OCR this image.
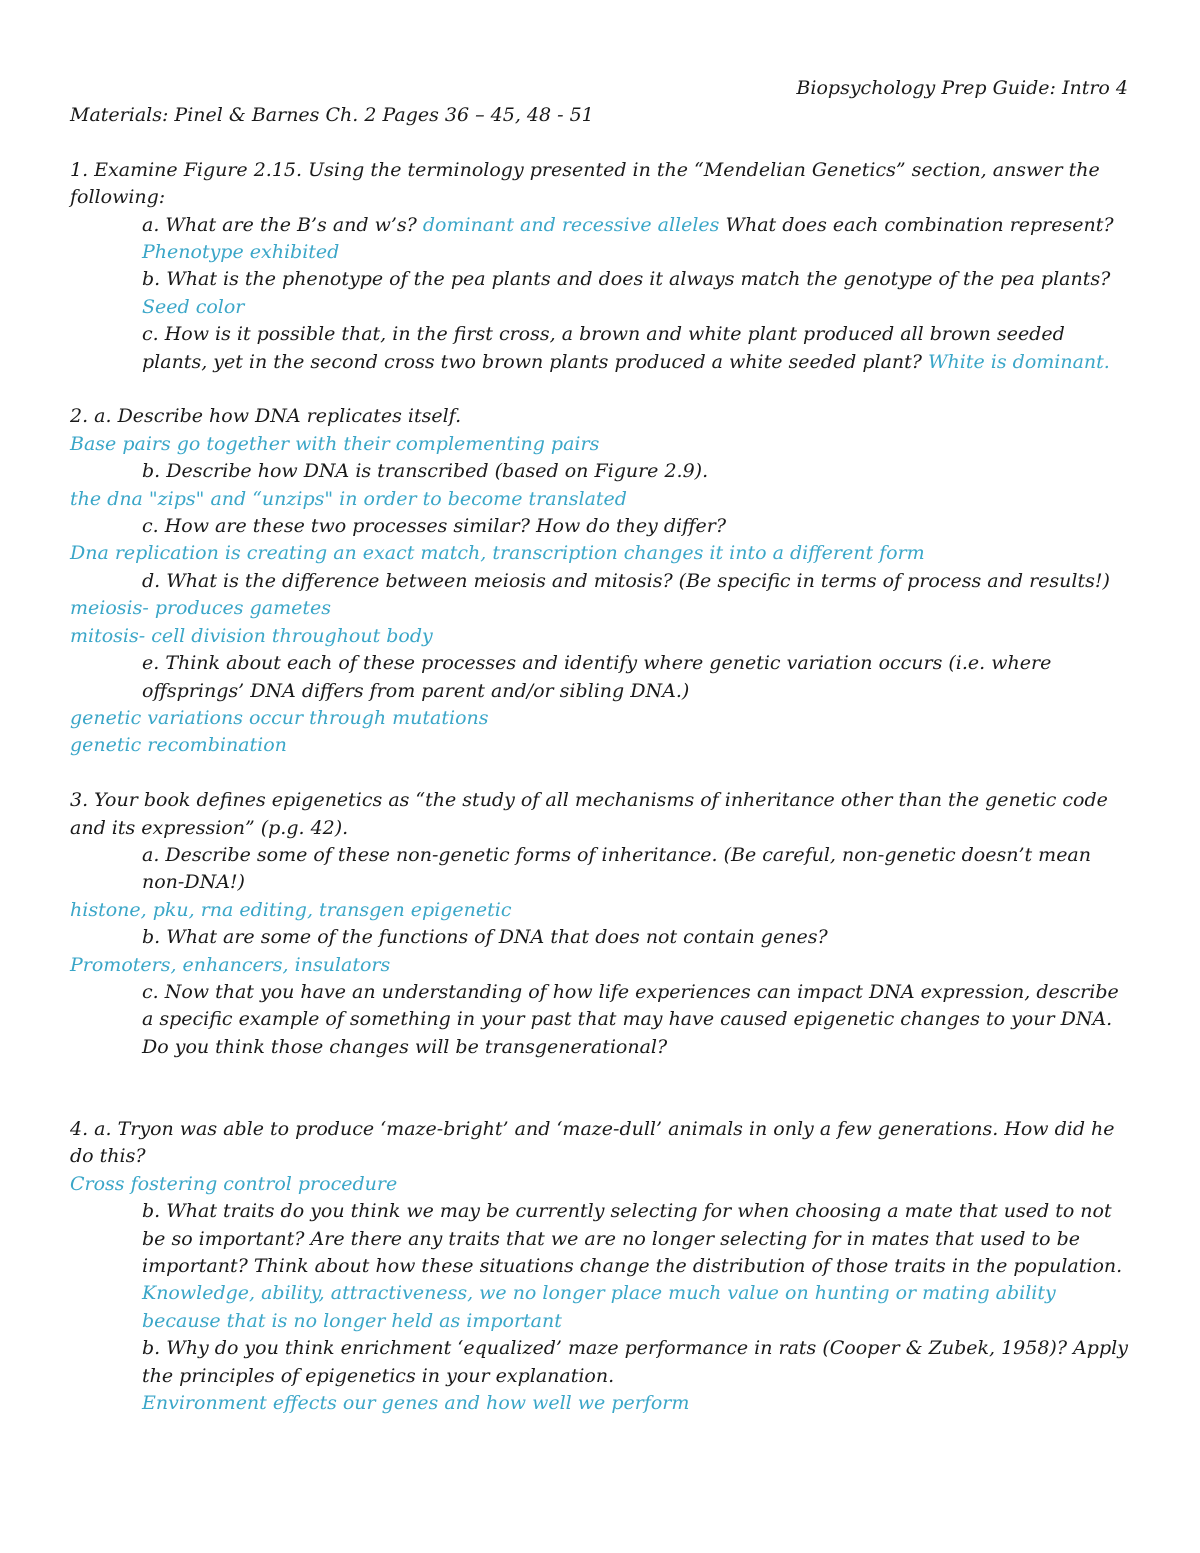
Biopsychology Prep Guide: Intro 4
Materials: Pinel & Barnes Ch. 2 Pages 36 – 45, 48 - 51
1. Examine Figure 2.15. Using the terminology presented in the “Mendelian Genetics” section, answer the following:
a. What are the B’s and w’s? dominant and recessive alleles What does each combination represent? Phenotype exhibited
b. What is the phenotype of the pea plants and does it always match the genotype of the pea plants?
Seed color
c. How is it possible that, in the first cross, a brown and white plant produced all brown seeded plants, yet in the second cross two brown plants produced a white seeded plant? White is dominant.
2. a. Describe how DNA replicates itself.
Base pairs go together with their complementing pairs
b. Describe how DNA is transcribed (based on Figure 2.9).
the dna "zips" and “unzips" in order to become translated
c. How are these two processes similar? How do they differ?
Dna replication is creating an exact match, transcription changes it into a different form
d. What is the difference between meiosis and mitosis? (Be specific in terms of process and results!)
meiosis- produces gametes
mitosis- cell division throughout body
e. Think about each of these processes and identify where genetic variation occurs (i.e. where offsprings’ DNA differs from parent and/or sibling DNA.)
genetic variations occur through mutations
genetic recombination
3. Your book defines epigenetics as “the study of all mechanisms of inheritance other than the genetic code and its expression” (p.g. 42).
a. Describe some of these non-genetic forms of inheritance. (Be careful, non-genetic doesn’t mean non-DNA!)
histone, pku, rna editing, transgen epigenetic
b. What are some of the functions of DNA that does not contain genes?
Promoters, enhancers, insulators
c. Now that you have an understanding of how life experiences can impact DNA expression, describe a specific example of something in your past that may have caused epigenetic changes to your DNA. Do you think those changes will be transgenerational?
4. a. Tryon was able to produce ‘maze-bright’ and ‘maze-dull’ animals in only a few generations. How did he do this?
Cross fostering control procedure
b. What traits do you think we may be currently selecting for when choosing a mate that used to not be so important? Are there any traits that we are no longer selecting for in mates that used to be important? Think about how these situations change the distribution of those traits in the population.
Knowledge, ability, attractiveness, we no longer place much value on hunting or mating ability because that is no longer held as important
b. Why do you think enrichment ‘equalized’ maze performance in rats (Cooper & Zubek, 1958)? Apply the principles of epigenetics in your explanation.
Environment effects our genes and how well we perform
